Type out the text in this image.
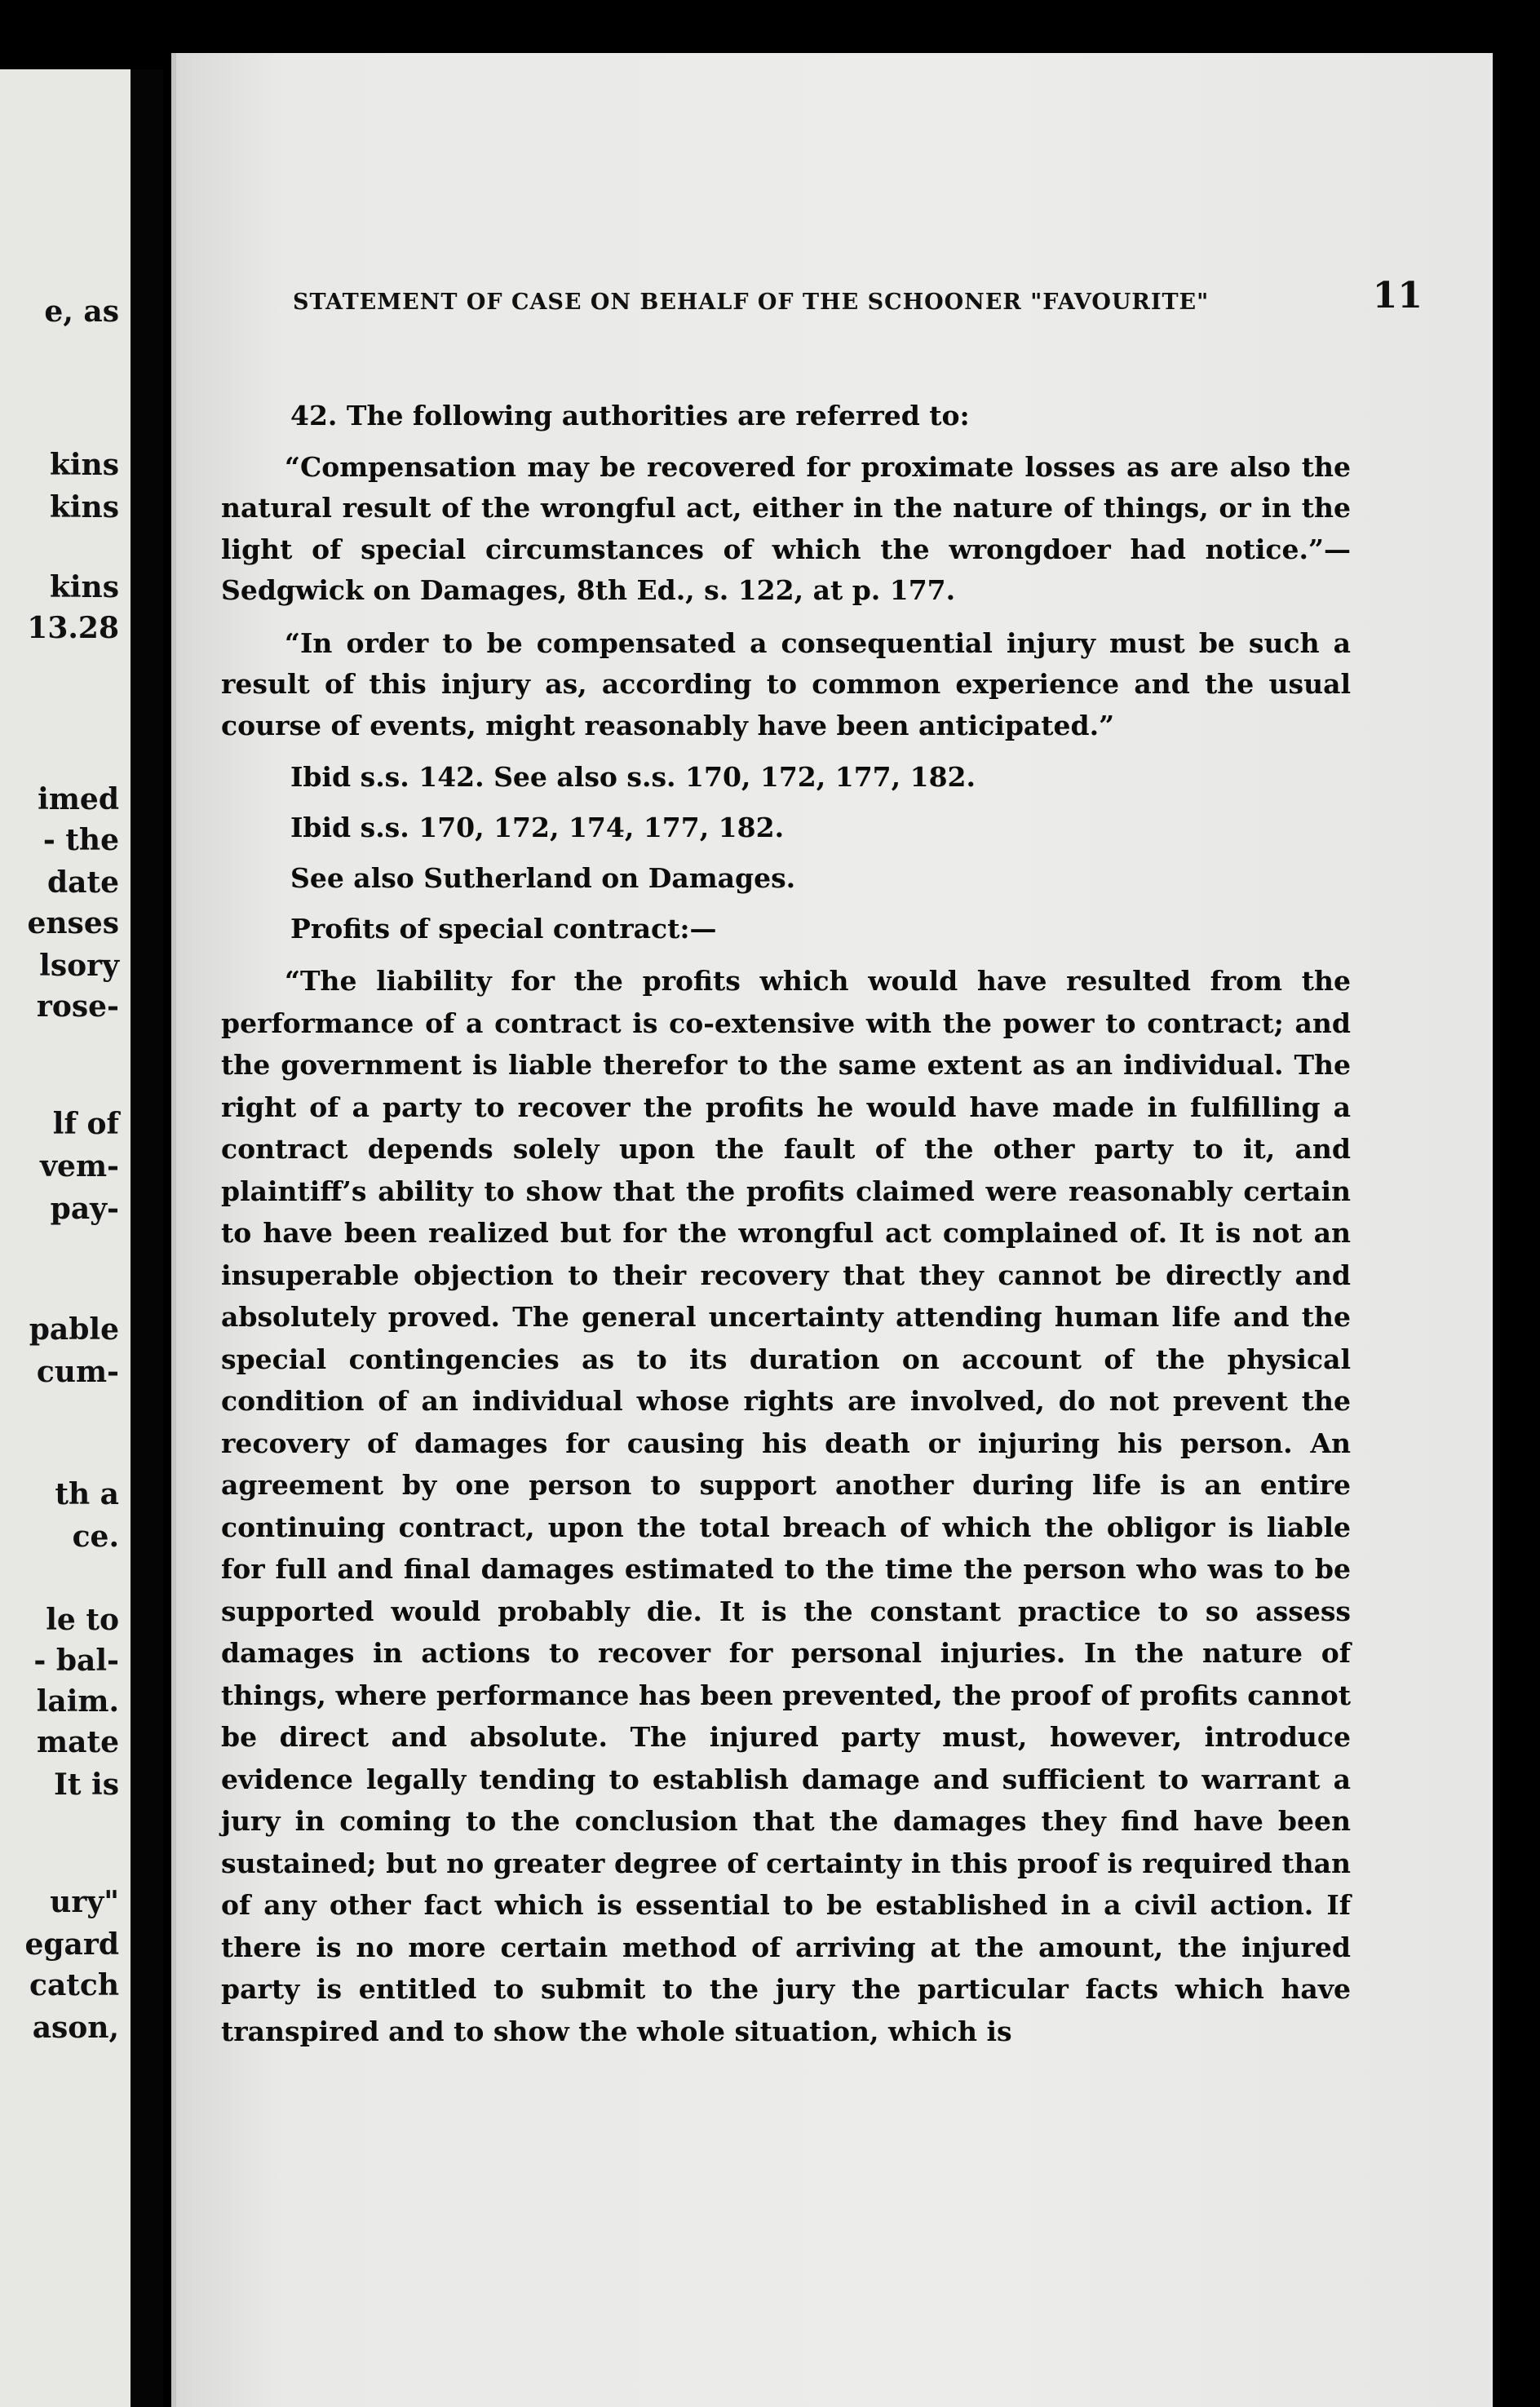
e, as
kins
kins
kins
13.28
imed
- the
date
enses
lsory
rose-
lf of
vem-
pay-
pable
cum-
th a
ce.
le to
- bal-
laim.
mate
It is
ury"
egard
catch
ason,
STATEMENT OF CASE ON BEHALF OF THE SCHOONER "FAVOURITE"	11

42. The following authorities are referred to:

“Compensation may be recovered for proximate losses as are also the natural result of the wrongful act, either in the nature of things, or in the light of special circumstances of which the wrongdoer had notice.”—Sedgwick on Damages, 8th Ed., s. 122, at p. 177.

“In order to be compensated a consequential injury must be such a result of this injury as, according to common experience and the usual course of events, might reasonably have been anticipated.”

Ibid s.s. 142. See also s.s. 170, 172, 177, 182.
Ibid s.s. 170, 172, 174, 177, 182.
See also Sutherland on Damages.
Profits of special contract:—

“The liability for the profits which would have resulted from the performance of a contract is co-extensive with the power to contract; and the government is liable therefor to the same extent as an individual. The right of a party to recover the profits he would have made in fulfilling a contract depends solely upon the fault of the other party to it, and plaintiff’s ability to show that the profits claimed were reasonably certain to have been realized but for the wrongful act complained of. It is not an insuperable objection to their recovery that they cannot be directly and absolutely proved. The general uncertainty attending human life and the special contingencies as to its duration on account of the physical condition of an individual whose rights are involved, do not prevent the recovery of damages for causing his death or injuring his person. An agreement by one person to support another during life is an entire continuing contract, upon the total breach of which the obligor is liable for full and final damages estimated to the time the person who was to be supported would probably die. It is the constant practice to so assess damages in actions to recover for personal injuries. In the nature of things, where performance has been prevented, the proof of profits cannot be direct and absolute. The injured party must, however, introduce evidence legally tending to establish damage and sufficient to warrant a jury in coming to the conclusion that the damages they find have been sustained; but no greater degree of certainty in this proof is required than of any other fact which is essential to be established in a civil action. If there is no more certain method of arriving at the amount, the injured party is entitled to submit to the jury the particular facts which have transpired and to show the whole situation, which is
